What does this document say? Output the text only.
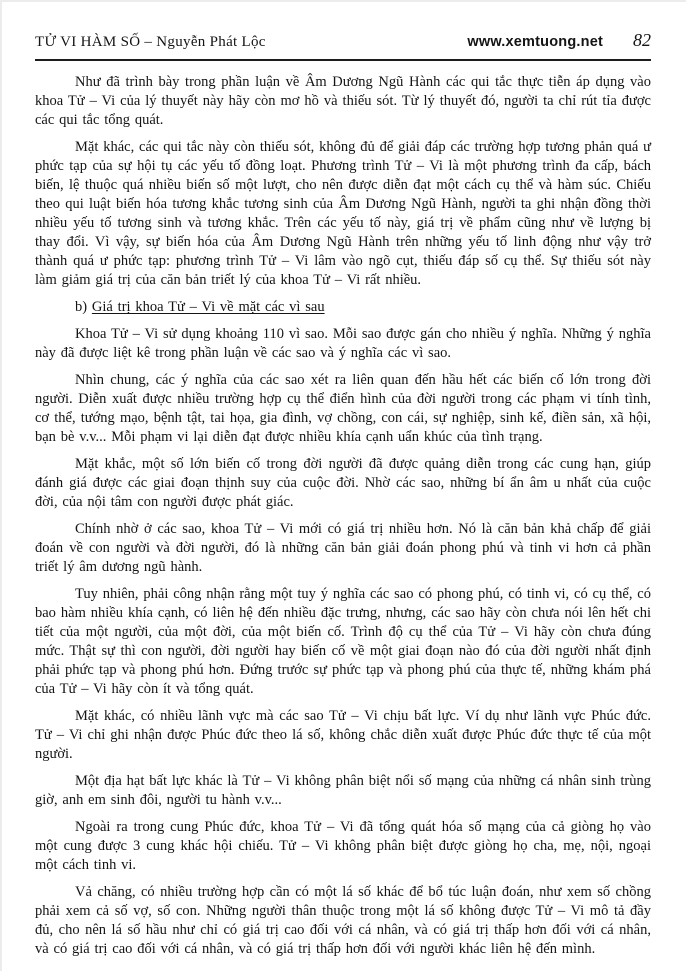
TỬ VI HÀM SỐ – Nguyễn Phát Lộc	www.xemtuong.net 82

Như đã trình bày trong phần luận về Âm Dương Ngũ Hành các qui tắc thực tiễn áp dụng vào khoa Tử – Vi của lý thuyết này hãy còn mơ hồ và thiếu sót. Từ lý thuyết đó, người ta chỉ rút tỉa được các qui tắc tổng quát.

Mặt khác, các qui tắc này còn thiếu sót, không đủ để giải đáp các trường hợp tương phản quá ư phức tạp của sự hội tụ các yếu tố đồng loạt. Phương trình Tử – Vi là một phương trình đa cấp, bách biến, lệ thuộc quá nhiều biến số một lượt, cho nên được diễn đạt một cách cụ thể và hàm súc. Chiếu theo qui luật biến hóa tương khắc tương sinh của Âm Dương Ngũ Hành, người ta ghi nhận đồng thời nhiều yếu tố tương sinh và tương khắc. Trên các yếu tố này, giá trị về phẩm cũng như về lượng bị thay đổi. Vì vậy, sự biến hóa của Âm Dương Ngũ Hành trên những yếu tố linh động như vậy trở thành quá ư phức tạp: phương trình Tử – Vi lâm vào ngõ cụt, thiếu đáp số cụ thể. Sự thiếu sót này làm giảm giá trị của căn bản triết lý của khoa Tử – Vi rất nhiều.

b) Giá trị khoa Tử – Vi về mặt các vì sau

Khoa Tử – Vi sử dụng khoảng 110 vì sao. Mỗi sao được gán cho nhiều ý nghĩa. Những ý nghĩa này đã được liệt kê trong phần luận về các sao và ý nghĩa các vì sao.

Nhìn chung, các ý nghĩa của các sao xét ra liên quan đến hầu hết các biến cố lớn trong đời người. Diễn xuất được nhiều trường hợp cụ thể điển hình của đời người trong các phạm vi tính tình, cơ thể, tướng mạo, bệnh tật, tai họa, gia đình, vợ chồng, con cái, sự nghiệp, sinh kế, điền sản, xã hội, bạn bè v.v... Mỗi phạm vi lại diễn đạt được nhiều khía cạnh uẩn khúc của tình trạng.

Mặt khắc, một số lớn biến cố trong đời người đã được quảng diễn trong các cung hạn, giúp đánh giá được các giai đoạn thịnh suy của cuộc đời. Nhờ các sao, những bí ẩn âm u nhất của cuộc đời, của nội tâm con người được phát giác.

Chính nhờ ở các sao, khoa Tử – Vi mới có giá trị nhiều hơn. Nó là căn bản khả chấp để giải đoán về con người và đời người, đó là những căn bản giải đoán phong phú và tinh vi hơn cả phần triết lý âm dương ngũ hành.

Tuy nhiên, phải công nhận rằng một tuy ý nghĩa các sao có phong phú, có tinh vi, có cụ thể, có bao hàm nhiều khía cạnh, có liên hệ đến nhiều đặc trưng, nhưng, các sao hãy còn chưa nói lên hết chi tiết của một người, của một đời, của một biến cố. Trình độ cụ thể của Tử – Vi hãy còn chưa đúng mức. Thật sự thì con người, đời người hay biến cố về một giai đoạn nào đó của đời người nhất định phải phức tạp và phong phú hơn. Đứng trước sự phức tạp và phong phú của thực tế, những khám phá của Tử – Vi hãy còn ít và tổng quát.

Mặt khác, có nhiều lãnh vực mà các sao Tử – Vi chịu bất lực. Ví dụ như lãnh vực Phúc đức. Tử – Vi chỉ ghi nhận được Phúc đức theo lá số, không chắc diễn xuất được Phúc đức thực tế của một người.

Một địa hạt bất lực khác là Tử – Vi không phân biệt nổi số mạng của những cá nhân sinh trùng giờ, anh em sinh đôi, người tu hành v.v...

Ngoài ra trong cung Phúc đức, khoa Tử – Vi đã tổng quát hóa số mạng của cả giòng họ vào một cung được 3 cung khác hội chiếu. Tử – Vi không phân biệt được giòng họ cha, mẹ, nội, ngoại một cách tinh vi.

Vả chăng, có nhiều trường hợp cần có một lá số khác để bổ túc luận đoán, như xem số chồng phải xem cả số vợ, số con. Những người thân thuộc trong một lá số không được Tử – Vi mô tả đầy đủ, cho nên lá số hầu như chỉ có giá trị cao đối với cá nhân, và có giá trị thấp hơn đối với cá nhân, và có giá trị cao đối với cá nhân, và có giá trị thấp hơn đối với người khác liên hệ đến mình.
